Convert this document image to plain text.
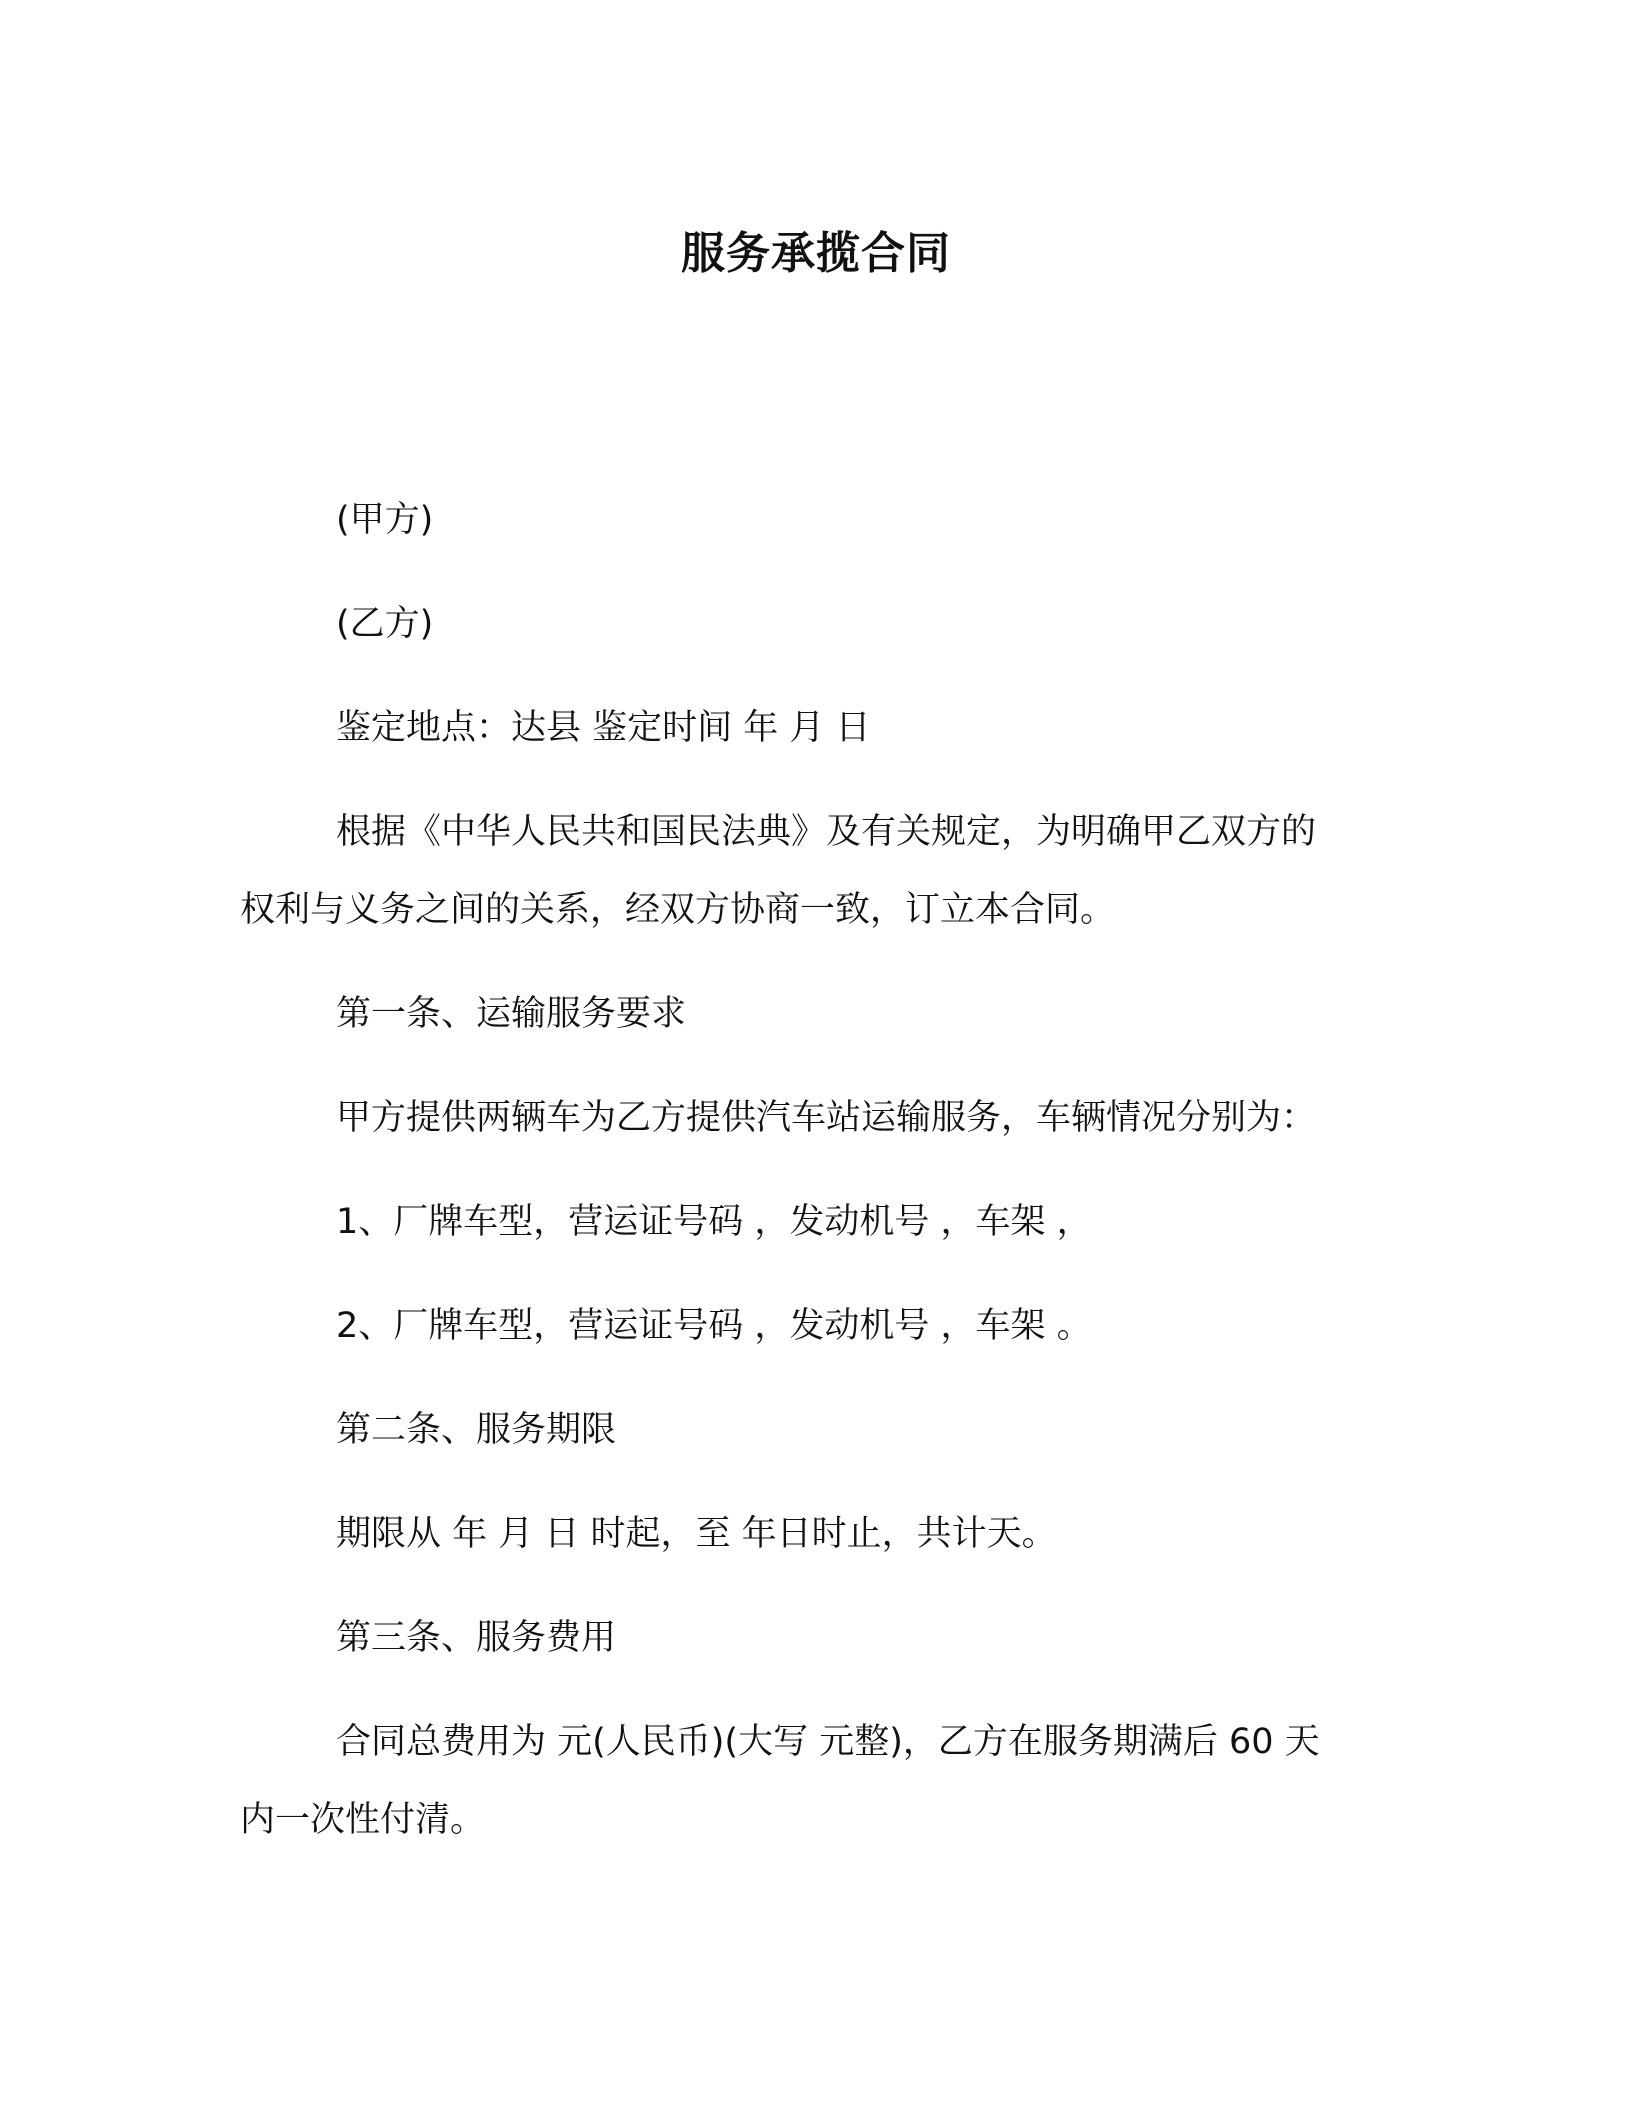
服务承揽合同

(甲方)

(乙方)

鉴定地点：达县 鉴定时间 年 月 日

根据《中华人民共和国民法典》及有关规定，为明确甲乙双方的

权利与义务之间的关系，经双方协商一致，订立本合同。

第一条、运输服务要求

甲方提供两辆车为乙方提供汽车站运输服务，车辆情况分别为：

1、厂牌车型，营运证号码 ，发动机号 ，车架 ，

2、厂牌车型，营运证号码 ，发动机号 ，车架 。

第二条、服务期限

期限从 年 月 日 时起，至 年日时止，共计天。

第三条、服务费用

合同总费用为 元(人民币)(大写 元整)，乙方在服务期满后 60 天

内一次性付清。
